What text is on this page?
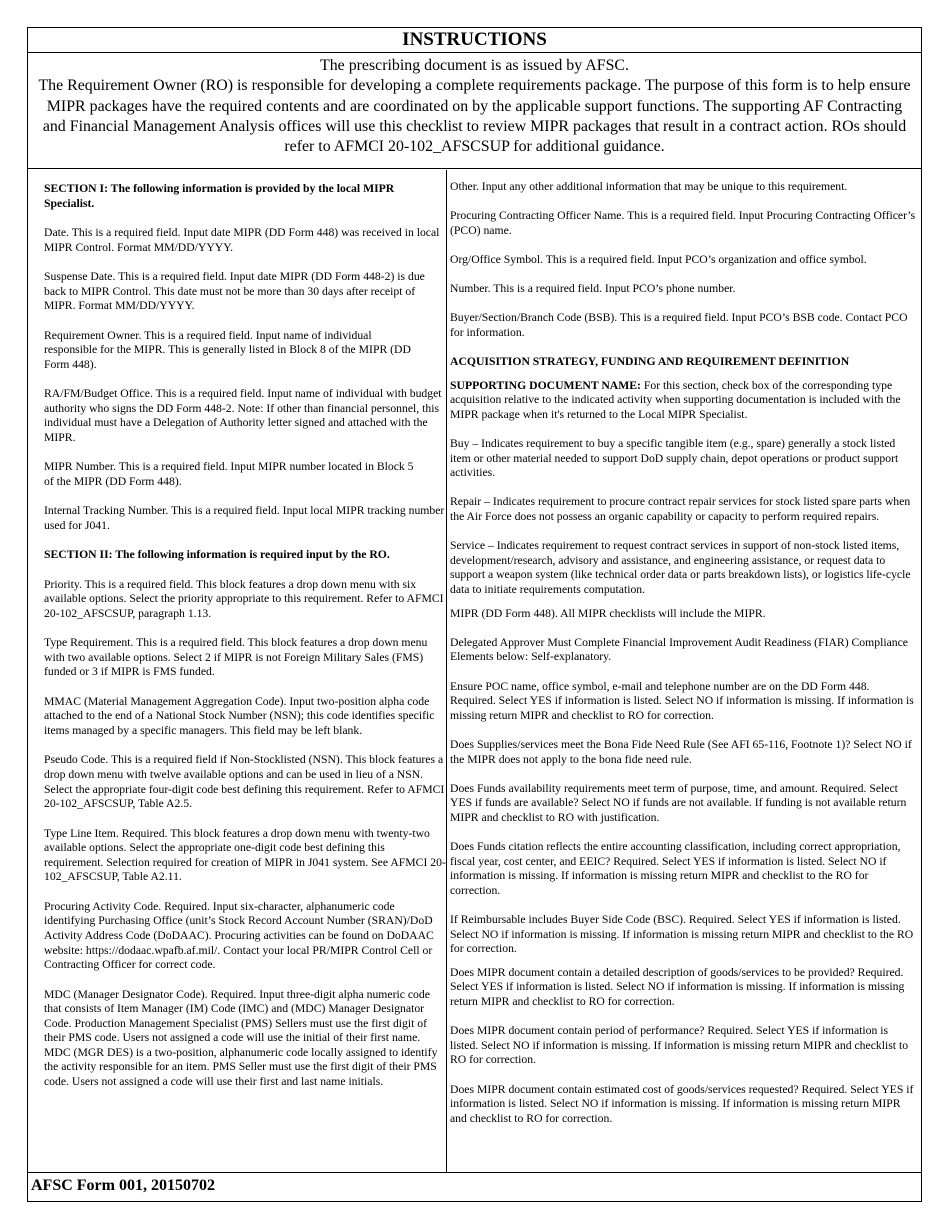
INSTRUCTIONS
The prescribing document is as issued by AFSC.
The Requirement Owner (RO) is responsible for developing a complete requirements package. The purpose of this form is to help ensure MIPR packages have the required contents and are coordinated on by the applicable support functions. The supporting AF Contracting and Financial Management Analysis offices will use this checklist to review MIPR packages that result in a contract action. ROs should refer to AFMCI 20-102_AFSCSUP for additional guidance.

SECTION I: The following information is provided by the local MIPR Specialist.

Date. This is a required field. Input date MIPR (DD Form 448) was received in local MIPR Control. Format MM/DD/YYYY.

Suspense Date. This is a required field. Input date MIPR (DD Form 448-2) is due back to MIPR Control. This date must not be more than 30 days after receipt of MIPR. Format MM/DD/YYYY.

Requirement Owner. This is a required field. Input name of individual responsible for the MIPR. This is generally listed in Block 8 of the MIPR (DD Form 448).

RA/FM/Budget Office. This is a required field. Input name of individual with budget authority who signs the DD Form 448-2. Note: If other than financial personnel, this individual must have a Delegation of Authority letter signed and attached with the MIPR.

MIPR Number. This is a required field. Input MIPR number located in Block 5 of the MIPR (DD Form 448).

Internal Tracking Number. This is a required field. Input local MIPR tracking number used for J041.

SECTION II: The following information is required input by the RO.

Priority. This is a required field. This block features a drop down menu with six available options. Select the priority appropriate to this requirement. Refer to AFMCI 20-102_AFSCSUP, paragraph 1.13.

Type Requirement. This is a required field. This block features a drop down menu with two available options. Select 2 if MIPR is not Foreign Military Sales (FMS) funded or 3 if MIPR is FMS funded.

MMAC (Material Management Aggregation Code). Input two-position alpha code attached to the end of a National Stock Number (NSN); this code identifies specific items managed by a specific managers. This field may be left blank.

Pseudo Code. This is a required field if Non-Stocklisted (NSN). This block features a drop down menu with twelve available options and can be used in lieu of a NSN. Select the appropriate four-digit code best defining this requirement. Refer to AFMCI 20-102_AFSCSUP, Table A2.5.

Type Line Item. Required. This block features a drop down menu with twenty-two available options. Select the appropriate one-digit code best defining this requirement. Selection required for creation of MIPR in J041 system. See AFMCI 20-102_AFSCSUP, Table A2.11.

Procuring Activity Code. Required. Input six-character, alphanumeric code identifying Purchasing Office (unit’s Stock Record Account Number (SRAN)/DoD Activity Address Code (DoDAAC). Procuring activities can be found on DoDAAC website: https://dodaac.wpafb.af.mil/. Contact your local PR/MIPR Control Cell or Contracting Officer for correct code.

MDC (Manager Designator Code). Required. Input three-digit alpha numeric code that consists of Item Manager (IM) Code (IMC) and (MDC) Manager Designator Code. Production Management Specialist (PMS) Sellers must use the first digit of their PMS code. Users not assigned a code will use the initial of their first name. MDC (MGR DES) is a two-position, alphanumeric code locally assigned to identify the activity responsible for an item. PMS Seller must use the first digit of their PMS code. Users not assigned a code will use their first and last name initials.

Other. Input any other additional information that may be unique to this requirement.

Procuring Contracting Officer Name. This is a required field. Input Procuring Contracting Officer’s (PCO) name.

Org/Office Symbol. This is a required field. Input PCO’s organization and office symbol.

Number. This is a required field. Input PCO’s phone number.

Buyer/Section/Branch Code (BSB). This is a required field. Input PCO’s BSB code. Contact PCO for information.

ACQUISITION STRATEGY, FUNDING AND REQUIREMENT DEFINITION

SUPPORTING DOCUMENT NAME: For this section, check box of the corresponding type acquisition relative to the indicated activity when supporting documentation is included with the MIPR package when it's returned to the Local MIPR Specialist.

Buy – Indicates requirement to buy a specific tangible item (e.g., spare) generally a stock listed item or other material needed to support DoD supply chain, depot operations or product support activities.

Repair – Indicates requirement to procure contract repair services for stock listed spare parts when the Air Force does not possess an organic capability or capacity to perform required repairs.

Service – Indicates requirement to request contract services in support of non-stock listed items, development/research, advisory and assistance, and engineering assistance, or request data to support a weapon system (like technical order data or parts breakdown lists), or logistics life-cycle data to initiate requirements computation.

MIPR (DD Form 448). All MIPR checklists will include the MIPR.

Delegated Approver Must Complete Financial Improvement Audit Readiness (FIAR) Compliance Elements below: Self-explanatory.

Ensure POC name, office symbol, e-mail and telephone number are on the DD Form 448. Required. Select YES if information is listed. Select NO if information is missing. If information is missing return MIPR and checklist to RO for correction.

Does Supplies/services meet the Bona Fide Need Rule (See AFI 65-116, Footnote 1)? Select NO if the MIPR does not apply to the bona fide need rule.

Does Funds availability requirements meet term of purpose, time, and amount. Required. Select YES if funds are available? Select NO if funds are not available. If funding is not available return MIPR and checklist to RO with justification.

Does Funds citation reflects the entire accounting classification, including correct appropriation, fiscal year, cost center, and EEIC? Required. Select YES if information is listed. Select NO if information is missing. If information is missing return MIPR and checklist to the RO for correction.

If Reimbursable includes Buyer Side Code (BSC). Required. Select YES if information is listed. Select NO if information is missing. If information is missing return MIPR and checklist to the RO for correction.

Does MIPR document contain a detailed description of goods/services to be provided? Required. Select YES if information is listed. Select NO if information is missing. If information is missing return MIPR and checklist to RO for correction.

Does MIPR document contain period of performance? Required. Select YES if information is listed. Select NO if information is missing. If information is missing return MIPR and checklist to RO for correction.

Does MIPR document contain estimated cost of goods/services requested? Required. Select YES if information is listed. Select NO if information is missing. If information is missing return MIPR and checklist to RO for correction.

AFSC Form 001, 20150702
